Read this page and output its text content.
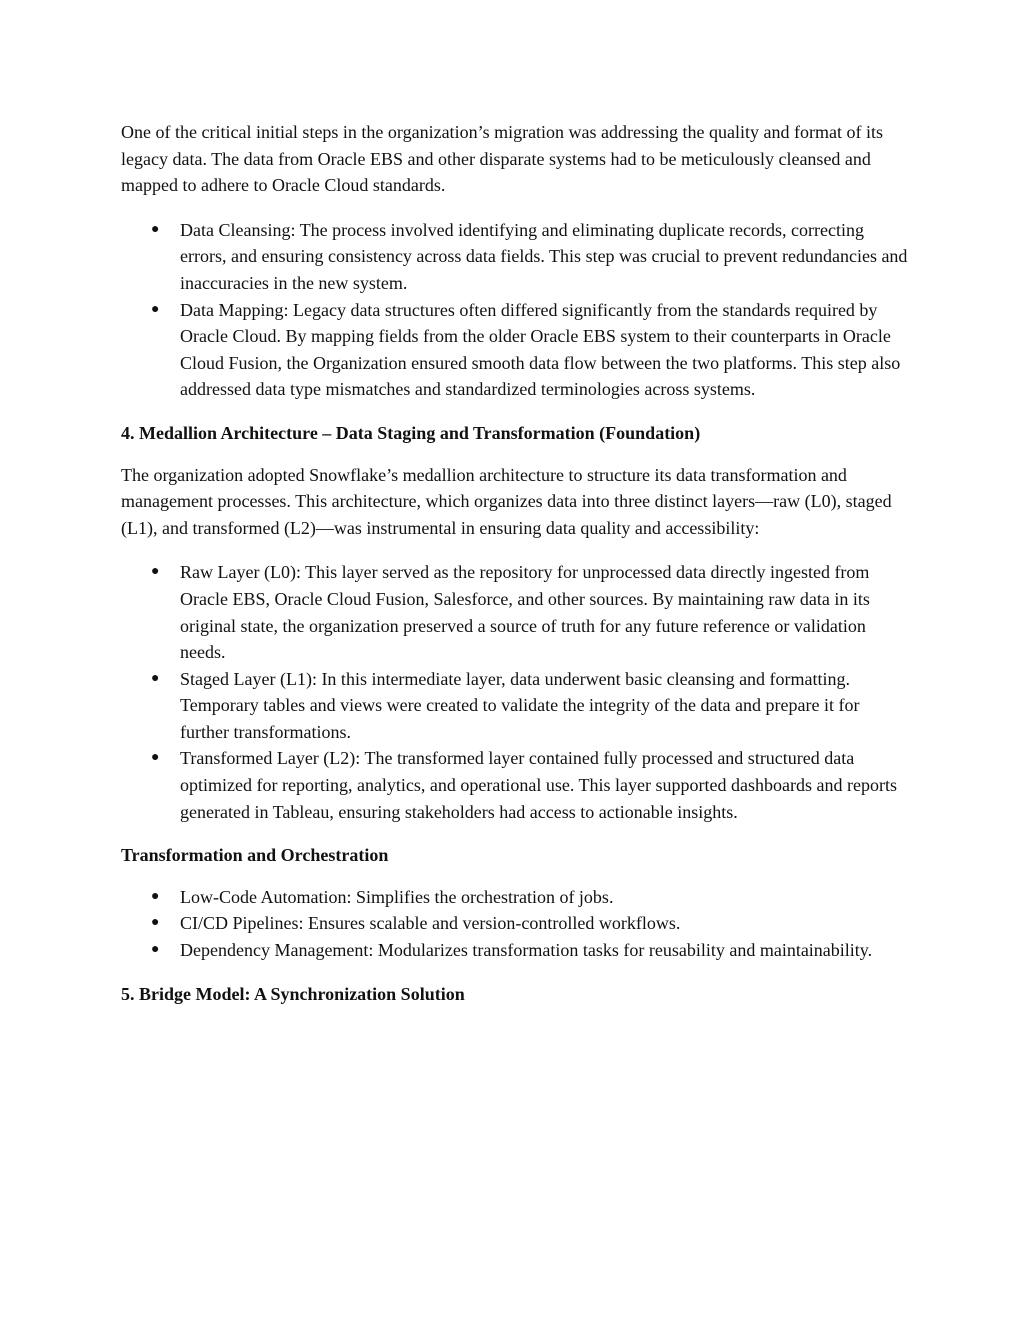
One of the critical initial steps in the organization’s migration was addressing the quality and format of its legacy data. The data from Oracle EBS and other disparate systems had to be meticulously cleansed and mapped to adhere to Oracle Cloud standards.

● Data Cleansing: The process involved identifying and eliminating duplicate records, correcting errors, and ensuring consistency across data fields. This step was crucial to prevent redundancies and inaccuracies in the new system.
● Data Mapping: Legacy data structures often differed significantly from the standards required by Oracle Cloud. By mapping fields from the older Oracle EBS system to their counterparts in Oracle Cloud Fusion, the Organization ensured smooth data flow between the two platforms. This step also addressed data type mismatches and standardized terminologies across systems.

4. Medallion Architecture – Data Staging and Transformation (Foundation)

The organization adopted Snowflake’s medallion architecture to structure its data transformation and management processes. This architecture, which organizes data into three distinct layers—raw (L0), staged (L1), and transformed (L2)—was instrumental in ensuring data quality and accessibility:

● Raw Layer (L0): This layer served as the repository for unprocessed data directly ingested from Oracle EBS, Oracle Cloud Fusion, Salesforce, and other sources. By maintaining raw data in its original state, the organization preserved a source of truth for any future reference or validation needs.
● Staged Layer (L1): In this intermediate layer, data underwent basic cleansing and formatting. Temporary tables and views were created to validate the integrity of the data and prepare it for further transformations.
● Transformed Layer (L2): The transformed layer contained fully processed and structured data optimized for reporting, analytics, and operational use. This layer supported dashboards and reports generated in Tableau, ensuring stakeholders had access to actionable insights.

Transformation and Orchestration

● Low-Code Automation: Simplifies the orchestration of jobs.
● CI/CD Pipelines: Ensures scalable and version-controlled workflows.
● Dependency Management: Modularizes transformation tasks for reusability and maintainability.

5. Bridge Model: A Synchronization Solution
